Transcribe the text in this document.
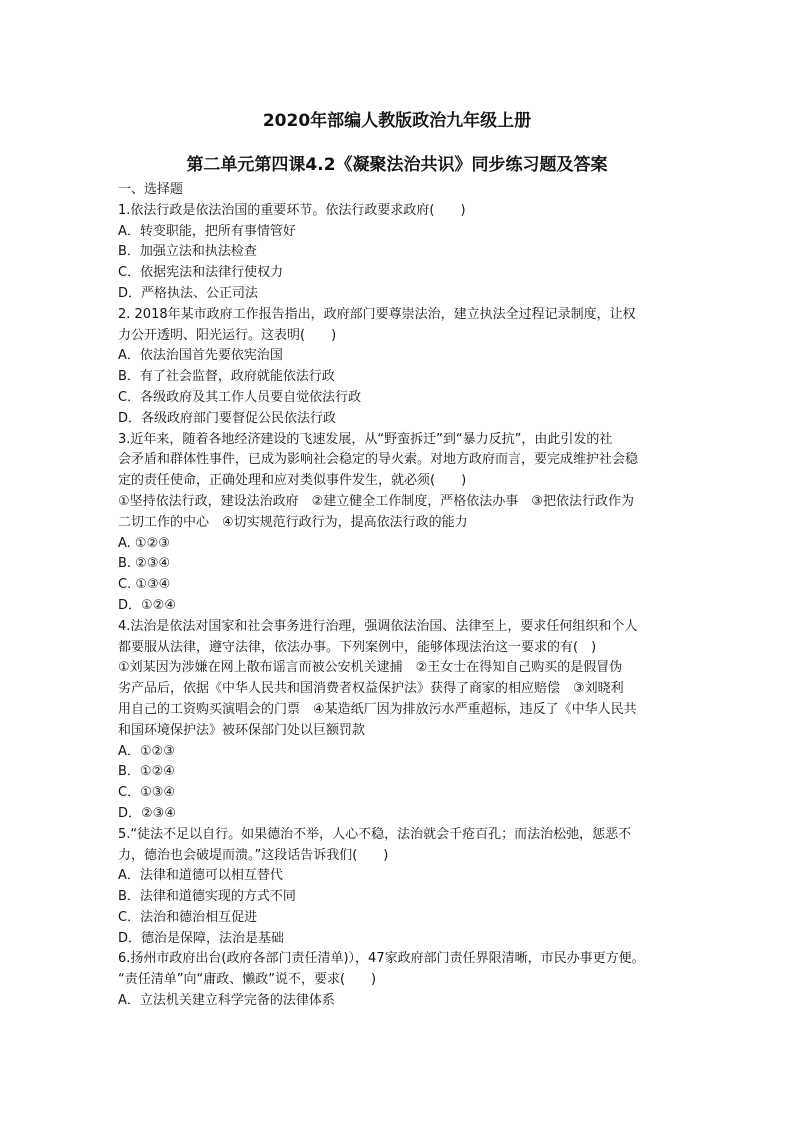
2020年部编人教版政治九年级上册
第二单元第四课4.2《凝聚法治共识》同步练习题及答案
一、选择题
1.依法行政是依法治国的重要环节。依法行政要求政府(　　)
A．转变职能，把所有事情管好
B．加强立法和执法检查
C．依据宪法和法律行使权力
D．严格执法、公正司法
2. 2018年某市政府工作报告指出，政府部门要尊崇法治，建立执法全过程记录制度，让权
力公开透明、阳光运行。这表明(　　)
A．依法治国首先要依宪治国
B．有了社会监督，政府就能依法行政
C．各级政府及其工作人员要自觉依法行政
D．各级政府部门要督促公民依法行政
3.近年来，随着各地经济建设的飞速发展，从“野蛮拆迁”到“暴力反抗”，由此引发的社
会矛盾和群体性事件，已成为影响社会稳定的导火索。对地方政府而言，要完成维护社会稳
定的责任使命，正确处理和应对类似事件发生，就必须(　　)
①坚持依法行政，建设法治政府　②建立健全工作制度，严格依法办事　③把依法行政作为
二切工作的中心　④切实规范行政行为，提高依法行政的能力
A. ①②③
B. ②③④
C. ①③④
D．①②④
4.法治是依法对国家和社会事务进行治理，强调依法治国、法律至上，要求任何组织和个人
都要服从法律，遵守法律，依法办事。下列案例中，能够体现法治这一要求的有(　)
①刘某因为涉嫌在网上散布谣言而被公安机关逮捕　②王女士在得知自己购买的是假冒伪
劣产品后，依据《中华人民共和国消费者权益保护法》获得了商家的相应赔偿　③刘晓利
用自己的工资购买演唱会的门票　④某造纸厂因为排放污水严重超标，违反了《中华人民共
和国环境保护法》被环保部门处以巨额罚款
A．①②③
B．①②④
C．①③④
D．②③④
5.“徒法不足以自行。如果德治不举，人心不稳，法治就会千疮百孔；而法治松弛，惩恶不
力，德治也会破堤而溃。”这段话告诉我们(　　)
A．法律和道德可以相互替代
B．法律和道德实现的方式不同
C．法治和德治相互促进
D．德治是保障，法治是基础
6.扬州市政府出台(政府各部门责任清单)），47家政府部门责任界限清晰，市民办事更方便。
“责任清单”向“庸政、懒政”说不，要求(　　)
A．立法机关建立科学完备的法律体系
